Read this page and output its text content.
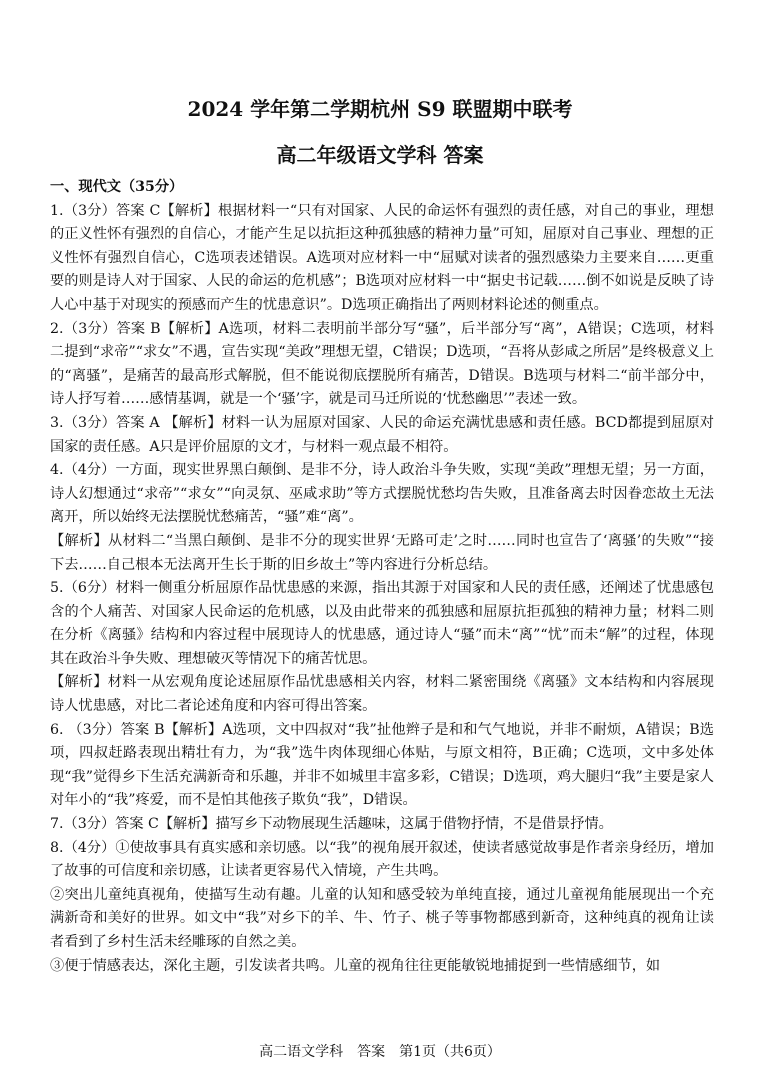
2024 学年第二学期杭州 S9 联盟期中联考
高二年级语文学科 答案

一、现代文（35分）

1.（3分）答案 C【解析】根据材料一“只有对国家、人民的命运怀有强烈的责任感，对自己的事业，理想的正义性怀有强烈的自信心，才能产生足以抗拒这种孤独感的精神力量”可知，屈原对自己事业、理想的正义性怀有强烈自信心，C选项表述错误。A选项对应材料一中“屈赋对读者的强烈感染力主要来自……更重要的则是诗人对于国家、人民的命运的危机感”；B选项对应材料一中“据史书记载……倒不如说是反映了诗人心中基于对现实的预感而产生的忧患意识”。D选项正确指出了两则材料论述的侧重点。

2.（3分）答案 B【解析】A选项，材料二表明前半部分写“骚”，后半部分写“离”，A错误；C选项，材料二提到“求帝”“求女”不遇，宣告实现“美政”理想无望，C错误；D选项，“吾将从彭咸之所居”是终极意义上的“离骚”，是痛苦的最高形式解脱，但不能说彻底摆脱所有痛苦，D错误。B选项与材料二“前半部分中，诗人抒写着……感情基调，就是一个‘骚’字，就是司马迁所说的‘忧愁幽思’”表述一致。

3.（3分）答案 A 【解析】材料一认为屈原对国家、人民的命运充满忧患感和责任感。BCD都提到屈原对国家的责任感。A只是评价屈原的文才，与材料一观点最不相符。

4.（4分）一方面，现实世界黑白颠倒、是非不分，诗人政治斗争失败，实现“美政”理想无望；另一方面，诗人幻想通过“求帝”“求女”“向灵氛、巫咸求助”等方式摆脱忧愁均告失败，且准备离去时因眷恋故土无法离开，所以始终无法摆脱忧愁痛苦，“骚”难“离”。

【解析】从材料二“当黑白颠倒、是非不分的现实世界‘无路可走’之时……同时也宣告了‘离骚’的失败”“接下去……自己根本无法离开生长于斯的旧乡故土”等内容进行分析总结。

5.（6分）材料一侧重分析屈原作品忧患感的来源，指出其源于对国家和人民的责任感，还阐述了忧患感包含的个人痛苦、对国家人民命运的危机感，以及由此带来的孤独感和屈原抗拒孤独的精神力量；材料二则在分析《离骚》结构和内容过程中展现诗人的忧患感，通过诗人“骚”而未“离”“忧”而未“解”的过程，体现其在政治斗争失败、理想破灭等情况下的痛苦忧思。

【解析】材料一从宏观角度论述屈原作品忧患感相关内容，材料二紧密围绕《离骚》文本结构和内容展现诗人忧患感，对比二者论述角度和内容可得出答案。

6. （3分）答案 B【解析】A选项，文中四叔对“我”扯他辫子是和和气气地说，并非不耐烦，A错误；B选项，四叔赶路表现出精壮有力，为“我”选牛肉体现细心体贴，与原文相符，B正确；C选项，文中多处体现“我”觉得乡下生活充满新奇和乐趣，并非不如城里丰富多彩，C错误；D选项，鸡大腿归“我”主要是家人对年小的“我”疼爱，而不是怕其他孩子欺负“我”，D错误。

7.（3分）答案 C【解析】描写乡下动物展现生活趣味，这属于借物抒情，不是借景抒情。

8.（4分）①使故事具有真实感和亲切感。以“我”的视角展开叙述，使读者感觉故事是作者亲身经历，增加了故事的可信度和亲切感，让读者更容易代入情境，产生共鸣。

②突出儿童纯真视角，使描写生动有趣。儿童的认知和感受较为单纯直接，通过儿童视角能展现出一个充满新奇和美好的世界。如文中“我”对乡下的羊、牛、竹子、桃子等事物都感到新奇，这种纯真的视角让读者看到了乡村生活未经雕琢的自然之美。

③便于情感表达，深化主题，引发读者共鸣。儿童的视角往往更能敏锐地捕捉到一些情感细节，如

高二语文学科　答案　第1页（共6页）
